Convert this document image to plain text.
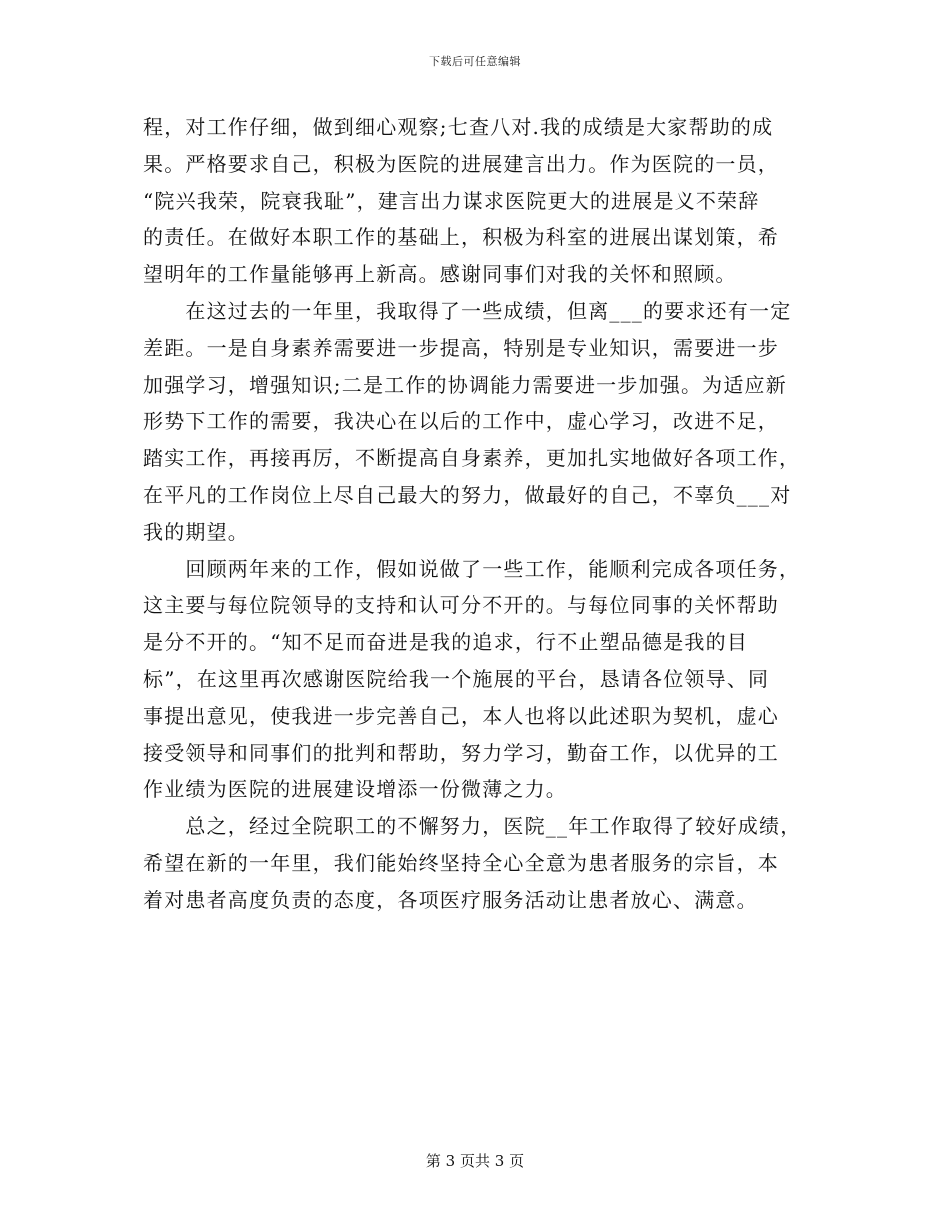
下载后可任意编辑
程，对工作仔细，做到细心观察;七查八对.我的成绩是大家帮助的成
果。严格要求自己，积极为医院的进展建言出力。作为医院的一员，
“院兴我荣，院衰我耻”，建言出力谋求医院更大的进展是义不荣辞
的责任。在做好本职工作的基础上，积极为科室的进展出谋划策，希
望明年的工作量能够再上新高。感谢同事们对我的关怀和照顾。
　　在这过去的一年里，我取得了一些成绩，但离___的要求还有一定
差距。一是自身素养需要进一步提高，特别是专业知识，需要进一步
加强学习，增强知识;二是工作的协调能力需要进一步加强。为适应新
形势下工作的需要，我决心在以后的工作中，虚心学习，改进不足，
踏实工作，再接再厉，不断提高自身素养，更加扎实地做好各项工作，
在平凡的工作岗位上尽自己最大的努力，做最好的自己，不辜负___对
我的期望。
　　回顾两年来的工作，假如说做了一些工作，能顺利完成各项任务，
这主要与每位院领导的支持和认可分不开的。与每位同事的关怀帮助
是分不开的。“知不足而奋进是我的追求，行不止塑品德是我的目
标”，在这里再次感谢医院给我一个施展的平台，恳请各位领导、同
事提出意见，使我进一步完善自己，本人也将以此述职为契机，虚心
接受领导和同事们的批判和帮助，努力学习，勤奋工作，以优异的工
作业绩为医院的进展建设增添一份微薄之力。
　　总之，经过全院职工的不懈努力，医院__年工作取得了较好成绩，
希望在新的一年里，我们能始终坚持全心全意为患者服务的宗旨，本
着对患者高度负责的态度，各项医疗服务活动让患者放心、满意。
第 3 页共 3 页
